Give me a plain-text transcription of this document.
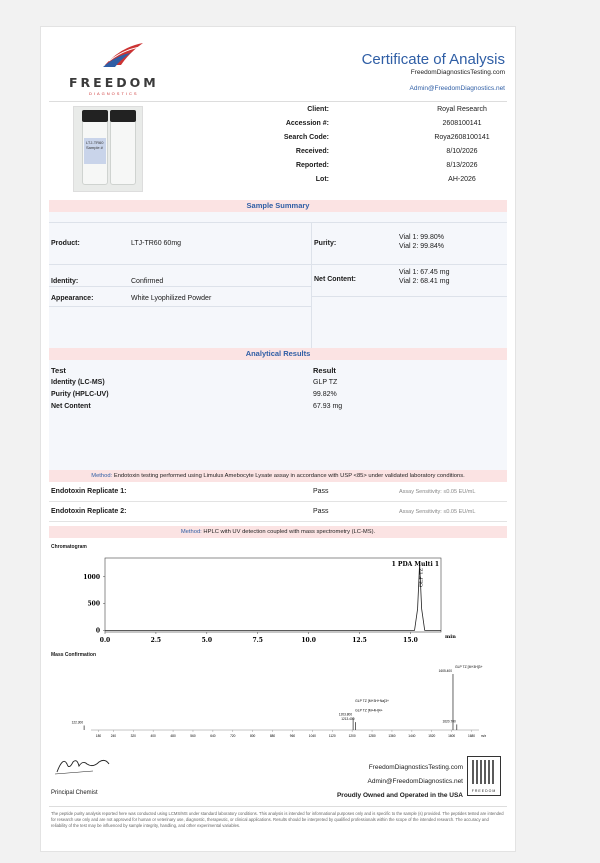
FREEDOM
DIAGNOSTICS
Certificate of Analysis
FreedomDiagnosticsTesting.com
Admin@FreedomDiagnostics.net
LTJ-TR60 Sample #
Client:	Royal Research
Accession #:	2608100141
Search Code:	Roya2608100141
Received:	8/10/2026
Reported:	8/13/2026
Lot:	AH-2026
Sample Summary
Product:	LTJ-TR60 60mg
Identity:	Confirmed
Appearance:	White Lyophilized Powder
Purity:
Vial 1: 99.80%
Vial 2: 99.84%
Net Content:
Vial 1: 67.45 mg
Vial 2: 68.41 mg
Analytical Results
Test	Result
Identity (LC-MS)	GLP TZ
Purity (HPLC-UV)	99.82%
Net Content	67.93 mg
Method: Endotoxin testing performed using Limulus Amebocyte Lysate assay in accordance with USP <85> under validated laboratory conditions.
Endotoxin Replicate 1:	Pass	Assay Sensitivity: ≤0.05 EU/mL
Endotoxin Replicate 2:	Pass	Assay Sensitivity: ≤0.05 EU/mL
Method: HPLC with UV detection coupled with mass spectrometry (LC-MS).
Chromatogram
0.0	2.5	5.0	7.5	10.0	12.5	15.0
0
500
1000
1 PDA Multi 1
GLP TZ
min
Mass Confirmation
180	240	320	400	480	560	640	720	800	880	960	1040	1120	1200	1280	1360	1440	1520	1600	1680 m/z
122.300
1203.800
GLP TZ [M+4H]4+
1213.400
1605.400
GLP TZ [M+3H]3+
1620.700
GLP TZ [M+3H+Na]3+
Principal Chemist
FreedomDiagnosticsTesting.com
Admin@FreedomDiagnostics.net
Proudly Owned and Operated in the USA
FREEDOM
The peptide purity analysis reported here was conducted using LCMS/MS under standard laboratory conditions. This analysis is intended for informational purposes only and is specific to the sample (s) provided. The peptides tested are intended for research use only and are not approved for human or veterinary use, diagnostic, therapeutic, or clinical applications. Results should be interpreted by qualified professionals within the scope of the intended research. The accuracy and reliability of the test may be influenced by sample integrity, handling, and other experimental variables.
